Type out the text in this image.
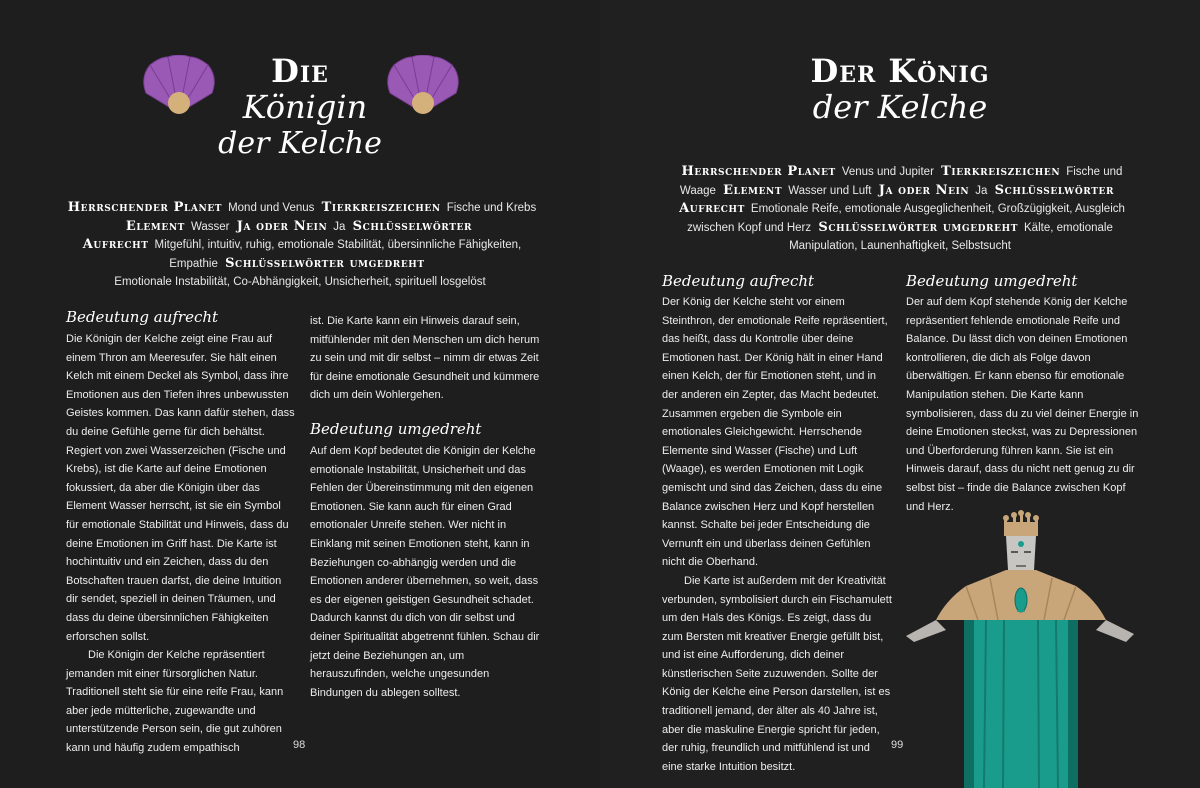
Die
Königin
der Kelche
Herrschender Planet Mond und Venus Tierkreiszeichen Fische und Krebs
Element Wasser Ja oder Nein Ja Schlüsselwörter
Aufrecht Mitgefühl, intuitiv, ruhig, emotionale Stabilität, übersinnliche Fähigkeiten, Empathie Schlüsselwörter umgedreht
Emotionale Instabilität, Co-Abhängigkeit, Unsicherheit, spirituell losgelöst
Bedeutung aufrecht

Die Königin der Kelche zeigt eine Frau auf einem Thron am Meeresufer. Sie hält einen Kelch mit einem Deckel als Symbol, dass ihre Emotionen aus den Tiefen ihres unbewussten Geistes kommen. Das kann dafür stehen, dass du deine Gefühle gerne für dich behältst. Regiert von zwei Wasserzeichen (Fische und Krebs), ist die Karte auf deine Emotionen fokussiert, da aber die Königin über das Element Wasser herrscht, ist sie ein Symbol für emotionale Stabilität und Hinweis, dass du deine Emotionen im Griff hast. Die Karte ist hochintuitiv und ein Zeichen, dass du den Botschaften trauen darfst, die deine Intuition dir sendet, speziell in deinen Träumen, und dass du deine übersinnlichen Fähigkeiten erforschen sollst.

Die Königin der Kelche repräsentiert jemanden mit einer fürsorglichen Natur. Traditionell steht sie für eine reife Frau, kann aber jede mütterliche, zugewandte und unterstützende Person sein, die gut zuhören kann und häufig zudem empathisch

ist. Die Karte kann ein Hinweis darauf sein, mitfühlender mit den Menschen um dich herum zu sein und mit dir selbst – nimm dir etwas Zeit für deine emotionale Gesundheit und kümmere dich um dein Wohlergehen.

Bedeutung umgedreht

Auf dem Kopf bedeutet die Königin der Kelche emotionale Instabilität, Unsicherheit und das Fehlen der Übereinstimmung mit den eigenen Emotionen. Sie kann auch für einen Grad emotionaler Unreife stehen. Wer nicht in Einklang mit seinen Emotionen steht, kann in Beziehungen co-abhängig werden und die Emotionen anderer übernehmen, so weit, dass es der eigenen geistigen Gesundheit schadet. Dadurch kannst du dich von dir selbst und deiner Spiritualität abgetrennt fühlen. Schau dir jetzt deine Beziehungen an, um herauszufinden, welche ungesunden Bindungen du ablegen solltest.

98
Der König
der Kelche
Herrschender Planet Venus und Jupiter Tierkreiszeichen Fische und Waage Element Wasser und Luft Ja oder Nein Ja Schlüsselwörter Aufrecht Emotionale Reife, emotionale Ausgeglichenheit, Großzügigkeit, Ausgleich zwischen Kopf und Herz Schlüsselwörter umgedreht Kälte, emotionale Manipulation, Launenhaftigkeit, Selbstsucht
Bedeutung aufrecht

Der König der Kelche steht vor einem Steinthron, der emotionale Reife repräsentiert, das heißt, dass du Kontrolle über deine Emotionen hast. Der König hält in einer Hand einen Kelch, der für Emotionen steht, und in der anderen ein Zepter, das Macht bedeutet. Zusammen ergeben die Symbole ein emotionales Gleichgewicht. Herrschende Elemente sind Wasser (Fische) und Luft (Waage), es werden Emotionen mit Logik gemischt und sind das Zeichen, dass du eine Balance zwischen Herz und Kopf herstellen kannst. Schalte bei jeder Entscheidung die Vernunft ein und überlass deinen Gefühlen nicht die Oberhand.

Die Karte ist außerdem mit der Kreativität verbunden, symbolisiert durch ein Fischamulett um den Hals des Königs. Es zeigt, dass du zum Bersten mit kreativer Energie gefüllt bist, und ist eine Aufforderung, dich deiner künstlerischen Seite zuzuwenden. Sollte der König der Kelche eine Person darstellen, ist es traditionell jemand, der älter als 40 Jahre ist, aber die maskuline Energie spricht für jeden, der ruhig, freundlich und mitfühlend ist und eine starke Intuition besitzt.

Bedeutung umgedreht

Der auf dem Kopf stehende König der Kelche repräsentiert fehlende emotionale Reife und Balance. Du lässt dich von deinen Emotionen kontrollieren, die dich als Folge davon überwältigen. Er kann ebenso für emotionale Manipulation stehen. Die Karte kann symbolisieren, dass du zu viel deiner Energie in deine Emotionen steckst, was zu Depressionen und Überforderung führen kann. Sie ist ein Hinweis darauf, dass du nicht nett genug zu dir selbst bist – finde die Balance zwischen Kopf und Herz.

99
